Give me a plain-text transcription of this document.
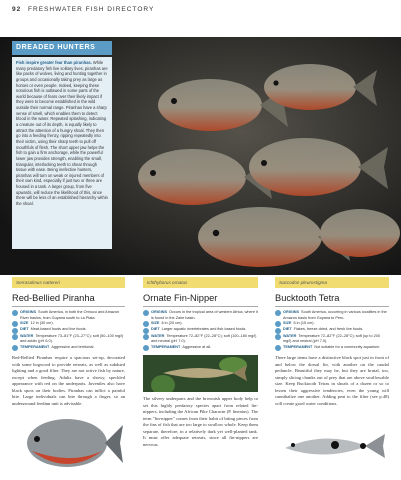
92 FRESHWATER FISH DIRECTORY
DREADED HUNTERS
Fish inspire greater fear than piranhas. While many predatory fish live solitary lives, piranhas are like packs of wolves, living and hunting together in groups and occasionally taking prey as large as horses or even people. Indeed, keeping these notorious fish is outlawed in some parts of the world because of fears over their likely impact if they were to become established in the wild outside their normal range. Piranhas have a sharp sense of smell, which enables them to detect blood in the water. Repeated splashing, indicating a creature out of its depth, is equally likely to attract the attention of a hungry shoal. They then go into a feeding frenzy, ripping repeatedly into their victim, using their sharp teeth to pull off mouthfuls of flesh. The short upper jaw helps the fish to gain a firm anchorage, while the powerful lower jaw provides strength, enabling the small, triangular, interlocking teeth to shear through tissue with ease. Being inefective hunters, piranhas will turn on weak or injured members of their own kind, especially if just two or three are housed in a tank. A larger group, from five upwards, will reduce the likelihood of this, since there will be less of an established hierarchy within the shoal.
Serrasalmus nattereri	Ichthyborus ornatus	Saccodon pleurostigma
Red-Bellied Piranha	Ornate Fin-Nipper	Bucktooth Tetra
ORIGINS South America, in both the Orinoco and Amazon River basins, from Guyana south to La Plata.
SIZE 12 in (30 cm).
DIET Meat-based foods and live foods.
WATER Temperature 73–81°F (23–27°C); soft (50–100 mg/l) and acidic (pH 6.0).
TEMPERAMENT Aggressive and territorial.
ORIGINS Occurs in the tropical area of western Africa, where it is found in the Zaire basin.
SIZE 8 in (20 cm).
DIET Larger aquatic invertebrates and fish-based foods.
WATER Temperature 72–82°F (22–28°C); soft (100–180 mg/l) and neutral (pH 7.0).
TEMPERAMENT Aggressive at all.
ORIGINS South America, occurring in various localities in the Amazon basin from Guyana to Peru.
SIZE 6 in (15 cm).
DIET Flakes, freeze-dried, and fresh live foods.
WATER Temperature 72–82°F (22–28°C); soft (up to 200 mg/l) and neutral (pH 7.0).
TEMPERAMENT Not suitable for a community aquarium.
Red-Bellied Piranhas require a spacious set-up, decorated with some bogwood to provide retreats, as well as subdued lighting and a good filter. They are not active fish by nature, except when feeding. Adults have a showy, speckled appearance with red on the underparts. Juveniles also have black spots on their bodies. Piranhas can inflict a painful bite. Large individuals can bite through a finger, so an underground feeding unit is advisable.
The silvery underparts and the brownish upper body help to set this highly predatory species apart from related fin-nippers, including the African Pike Characin (P. lineatus). The term "fin-nipper" comes from their habit of biting pieces from the fins of fish that are too large to swallow whole. Keep them separate, therefore, in a relatively dark yet well-planted tank. It must offer adequate retreats, since all fin-nippers are nervous.
There large items have a distinctive black spot just in front of and below the dorsal fin, with another on the caudal peduncle. Beautiful they may be, but they are brutal, too, simply slicing chunks out of prey that are above swallowable size. Keep Bucktooth Tetras in shoals of a dozen or so to lessen their aggressive tendencies, even the young will cannibalize one another. Adding peat to the filter (see p.48) will create good water conditions.
